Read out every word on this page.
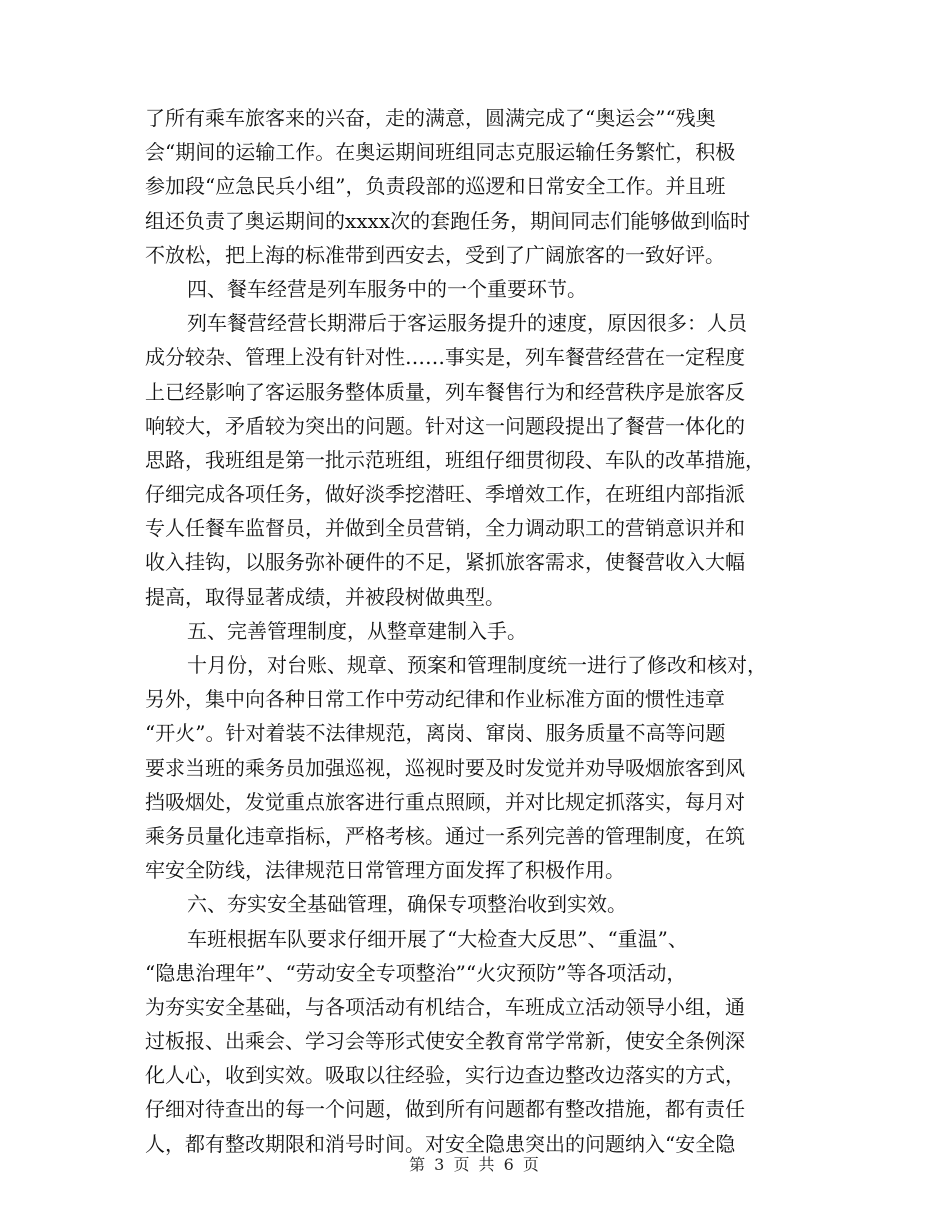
了所有乘车旅客来的兴奋，走的满意，圆满完成了“奥运会”“残奥
会“期间的运输工作。在奥运期间班组同志克服运输任务繁忙，积极
参加段“应急民兵小组”，负责段部的巡逻和日常安全工作。并且班
组还负责了奥运期间的xxxx次的套跑任务，期间同志们能够做到临时
不放松，把上海的标准带到西安去，受到了广阔旅客的一致好评。
四、餐车经营是列车服务中的一个重要环节。
列车餐营经营长期滞后于客运服务提升的速度，原因很多：人员
成分较杂、管理上没有针对性……事实是，列车餐营经营在一定程度
上已经影响了客运服务整体质量，列车餐售行为和经营秩序是旅客反
响较大，矛盾较为突出的问题。针对这一问题段提出了餐营一体化的
思路，我班组是第一批示范班组，班组仔细贯彻段、车队的改革措施，
仔细完成各项任务，做好淡季挖潜旺、季增效工作，在班组内部指派
专人任餐车监督员，并做到全员营销，全力调动职工的营销意识并和
收入挂钩，以服务弥补硬件的不足，紧抓旅客需求，使餐营收入大幅
提高，取得显著成绩，并被段树做典型。
五、完善管理制度，从整章建制入手。
十月份，对台账、规章、预案和管理制度统一进行了修改和核对，
另外，集中向各种日常工作中劳动纪律和作业标准方面的惯性违章
“开火”。针对着装不法律规范，离岗、窜岗、服务质量不高等问题
要求当班的乘务员加强巡视，巡视时要及时发觉并劝导吸烟旅客到风
挡吸烟处，发觉重点旅客进行重点照顾，并对比规定抓落实，每月对
乘务员量化违章指标，严格考核。通过一系列完善的管理制度，在筑
牢安全防线，法律规范日常管理方面发挥了积极作用。
六、夯实安全基础管理，确保专项整治收到实效。
车班根据车队要求仔细开展了“大检查大反思”、“重温”、
“隐患治理年”、“劳动安全专项整治”“火灾预防”等各项活动，
为夯实安全基础，与各项活动有机结合，车班成立活动领导小组，通
过板报、出乘会、学习会等形式使安全教育常学常新，使安全条例深
化人心，收到实效。吸取以往经验，实行边查边整改边落实的方式，
仔细对待查出的每一个问题，做到所有问题都有整改措施，都有责任
人，都有整改期限和消号时间。对安全隐患突出的问题纳入“安全隐
第 3 页 共 6 页
